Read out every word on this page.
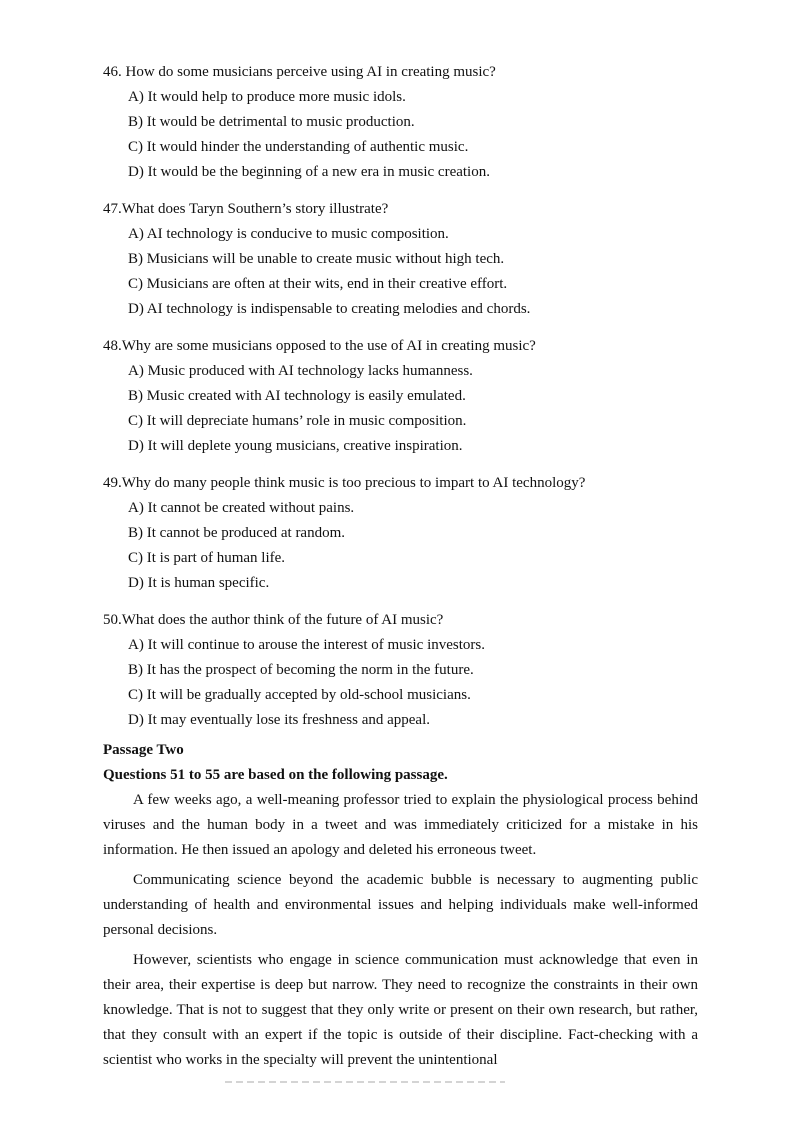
46. How do some musicians perceive using AI in creating music?

A) It would help to produce more music idols.
B) It would be detrimental to music production.
C) It would hinder the understanding of authentic music.
D) It would be the beginning of a new era in music creation.

47.What does Taryn Southern’s story illustrate?

A) AI technology is conducive to music composition.
B) Musicians will be unable to create music without high tech.
C) Musicians are often at their wits, end in their creative effort.
D) AI technology is indispensable to creating melodies and chords.

48.Why are some musicians opposed to the use of AI in creating music?

A) Music produced with AI technology lacks humanness.
B) Music created with AI technology is easily emulated.
C) It will depreciate humans’ role in music composition.
D) It will deplete young musicians, creative inspiration.

49.Why do many people think music is too precious to impart to AI technology?

A) It cannot be created without pains.
B) It cannot be produced at random.
C) It is part of human life.
D) It is human specific.

50.What does the author think of the future of AI music?

A) It will continue to arouse the interest of music investors.
B) It has the prospect of becoming the norm in the future.
C) It will be gradually accepted by old-school musicians.
D) It may eventually lose its freshness and appeal.

Passage Two

Questions 51 to 55 are based on the following passage.

A few weeks ago, a well-meaning professor tried to explain the physiological process behind viruses and the human body in a tweet and was immediately criticized for a mistake in his information. He then issued an apology and deleted his erroneous tweet.

Communicating science beyond the academic bubble is necessary to augmenting public understanding of health and environmental issues and helping individuals make well-informed personal decisions.

However, scientists who engage in science communication must acknowledge that even in their area, their expertise is deep but narrow. They need to recognize the constraints in their own knowledge. That is not to suggest that they only write or present on their own research, but rather, that they consult with an expert if the topic is outside of their discipline. Fact-checking with a scientist who works in the specialty will prevent the unintentional
